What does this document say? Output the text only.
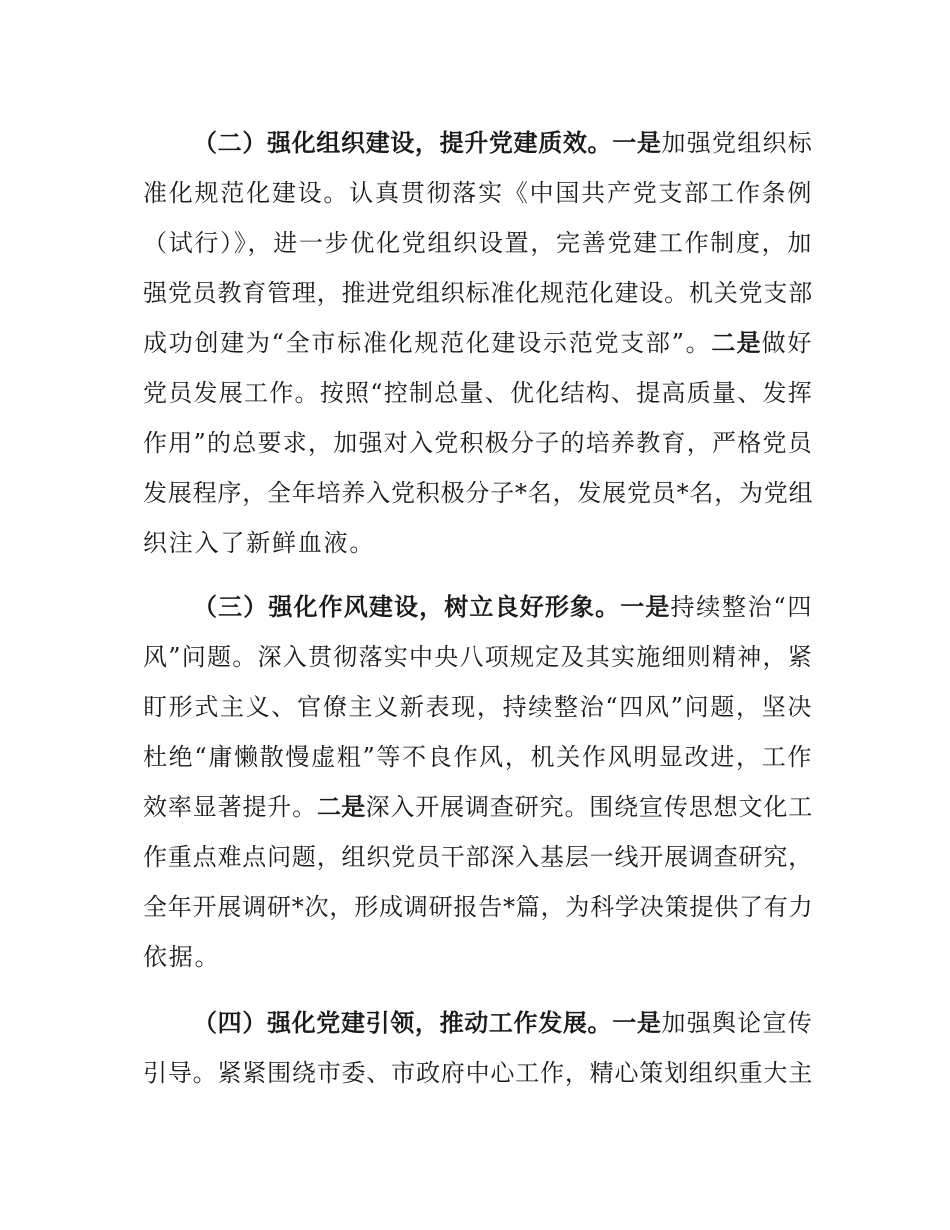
（二）强化组织建设，提升党建质效。一是加强党组织标
准化规范化建设。认真贯彻落实《中国共产党支部工作条例
（试行）》，进一步优化党组织设置，完善党建工作制度，加
强党员教育管理，推进党组织标准化规范化建设。机关党支部
成功创建为“全市标准化规范化建设示范党支部”。二是做好
党员发展工作。按照“控制总量、优化结构、提高质量、发挥
作用”的总要求，加强对入党积极分子的培养教育，严格党员
发展程序，全年培养入党积极分子*名，发展党员*名，为党组
织注入了新鲜血液。
（三）强化作风建设，树立良好形象。一是持续整治“四
风”问题。深入贯彻落实中央八项规定及其实施细则精神，紧
盯形式主义、官僚主义新表现，持续整治“四风”问题，坚决
杜绝“庸懒散慢虚粗”等不良作风，机关作风明显改进，工作
效率显著提升。二是深入开展调查研究。围绕宣传思想文化工
作重点难点问题，组织党员干部深入基层一线开展调查研究，
全年开展调研*次，形成调研报告*篇，为科学决策提供了有力
依据。
（四）强化党建引领，推动工作发展。一是加强舆论宣传
引导。紧紧围绕市委、市政府中心工作，精心策划组织重大主
